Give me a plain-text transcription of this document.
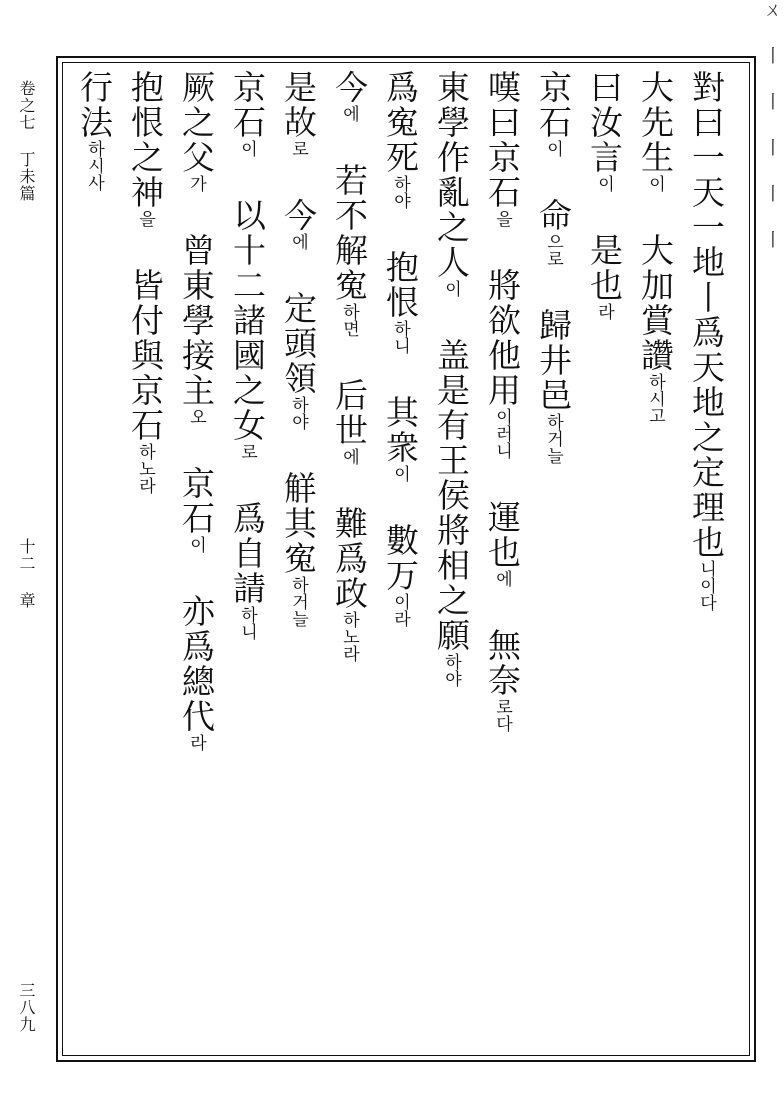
卷之七 丁未篇
十二 章
三八九
ㄨ丨丨丨丨丨
對曰一天一地丨爲天地之定理也니이다
大先生이 大加賞讚하시고
曰汝言이 是也라
京石이 命으로 歸井邑하거늘
嘆曰京石을 將欲他用이러니 運也에 無奈로다
東學作亂之人이 盖是有王侯將相之願하야
爲寃死하야 抱恨하니 其衆이 數万이라
今에 若不解寃하면 后世에 難爲政하노라
是故로 今에 定頭領하야 觧其寃하거늘
京石이 以十二諸國之女로 爲自請하니
厥之父가 曾東學接主오 京石이 亦爲總代라
抱恨之神을 皆付與京石하노라
行法하시사
